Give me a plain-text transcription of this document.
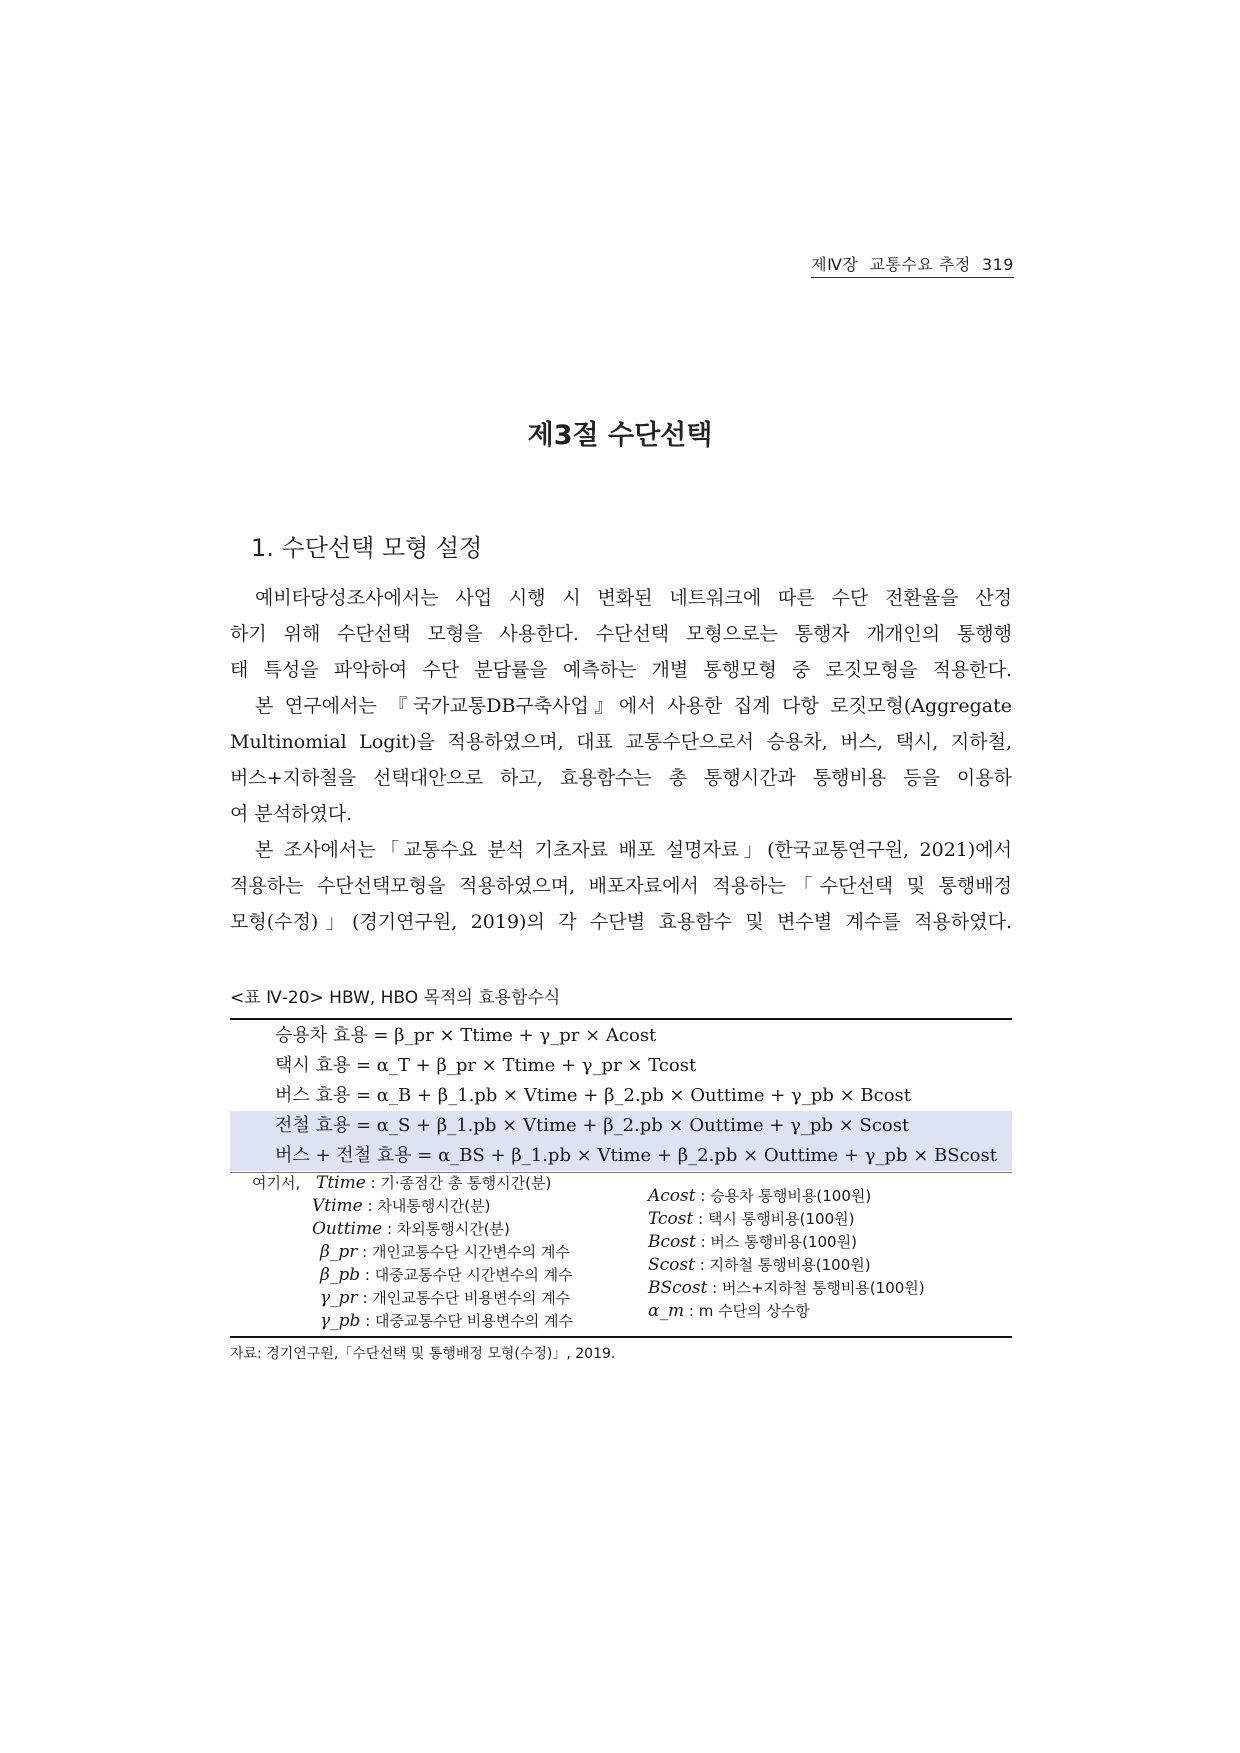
제Ⅳ장  교통수요 추정  319
제3절 수단선택
1. 수단선택 모형 설정
예비타당성조사에서는 사업 시행 시 변화된 네트워크에 따른 수단 전환율을 산정
하기 위해 수단선택 모형을 사용한다. 수단선택 모형으로는 통행자 개개인의 통행행
태 특성을 파악하여 수단 분담률을 예측하는 개별 통행모형 중 로짓모형을 적용한다.
본 연구에서는 『국가교통DB구축사업』에서 사용한 집계 다항 로짓모형(Aggregate
Multinomial Logit)을 적용하였으며, 대표 교통수단으로서 승용차, 버스, 택시, 지하철,
버스+지하철을 선택대안으로 하고, 효용함수는 총 통행시간과 통행비용 등을 이용하
여 분석하였다.
본 조사에서는「교통수요 분석 기초자료 배포 설명자료」(한국교통연구원, 2021)에서
적용하는 수단선택모형을 적용하였으며, 배포자료에서 적용하는「수단선택 및 통행배정
모형(수정)」(경기연구원, 2019)의 각 수단별 효용함수 및 변수별 계수를 적용하였다.
<표 Ⅳ-20> HBW, HBO 목적의 효용함수식
승용차 효용 = β_pr × Ttime + γ_pr × Acost
택시 효용 = α_T + β_pr × Ttime + γ_pr × Tcost
버스 효용 = α_B + β_1.pb × Vtime + β_2.pb × Outtime + γ_pb × Bcost
전철 효용 = α_S + β_1.pb × Vtime + β_2.pb × Outtime + γ_pb × Scost
버스 + 전철 효용 = α_BS + β_1.pb × Vtime + β_2.pb × Outtime + γ_pb × BScost
여기서, Ttime : 기·종점간 총 통행시간(분)
Vtime : 차내통행시간(분)
Outtime : 차외통행시간(분)
β_pr : 개인교통수단 시간변수의 계수
β_pb : 대중교통수단 시간변수의 계수
γ_pr : 개인교통수단 비용변수의 계수
γ_pb : 대중교통수단 비용변수의 계수
Acost : 승용차 통행비용(100원)
Tcost : 택시 통행비용(100원)
Bcost : 버스 통행비용(100원)
Scost : 지하철 통행비용(100원)
BScost : 버스+지하철 통행비용(100원)
α_m : m 수단의 상수항
자료: 경기연구원,「수단선택 및 통행배정 모형(수정)」, 2019.
